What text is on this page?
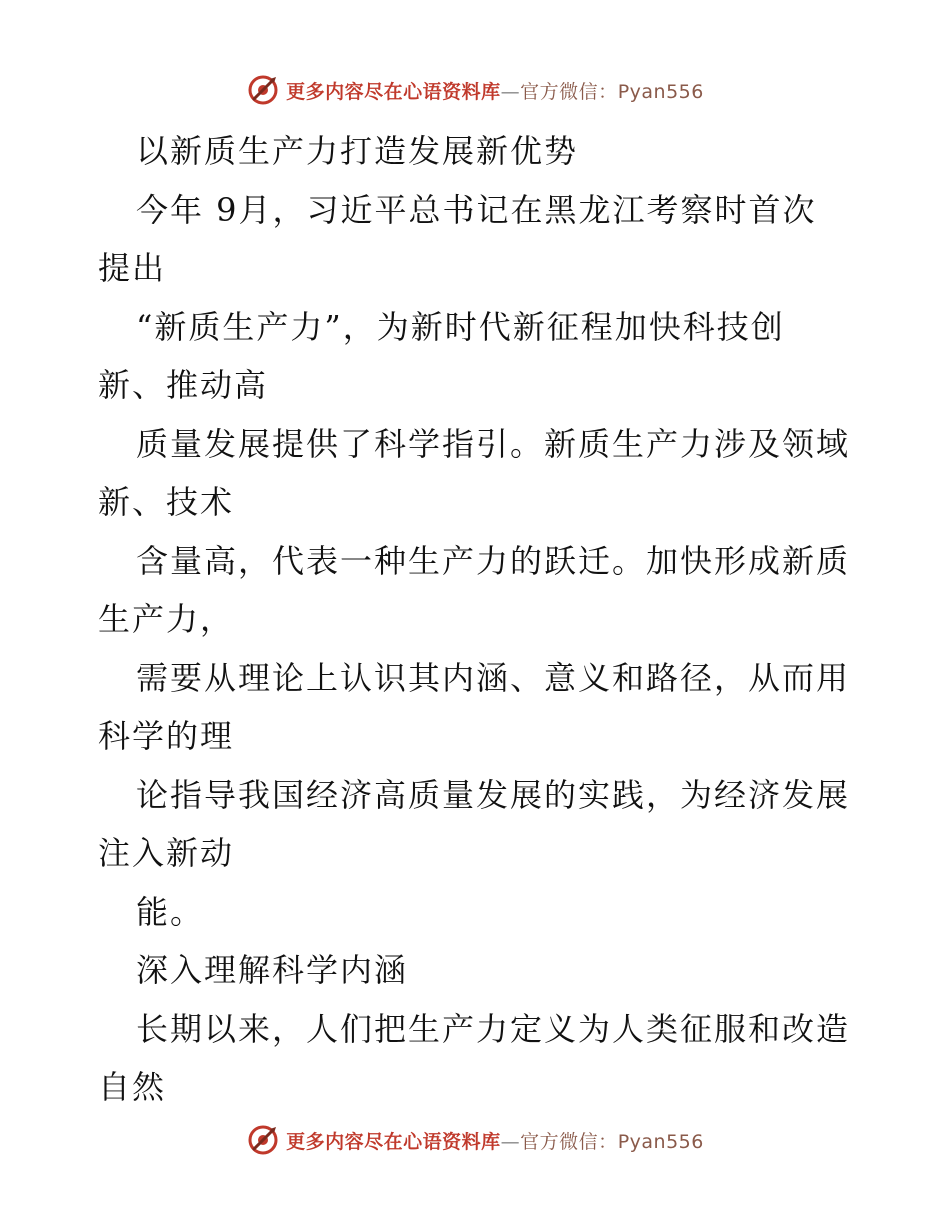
更多内容尽在心语资料库—官方微信：Pyan556
以新质生产力打造发展新优势
今年 9月，习近平总书记在黑龙江考察时首次
提出
“新质生产力”，为新时代新征程加快科技创
新、推动高
质量发展提供了科学指引。新质生产力涉及领域
新、技术
含量高，代表一种生产力的跃迁。加快形成新质
生产力，
需要从理论上认识其内涵、意义和路径，从而用
科学的理
论指导我国经济高质量发展的实践，为经济发展
注入新动
能。
深入理解科学内涵
长期以来，人们把生产力定义为人类征服和改造
自然
更多内容尽在心语资料库—官方微信：Pyan556
